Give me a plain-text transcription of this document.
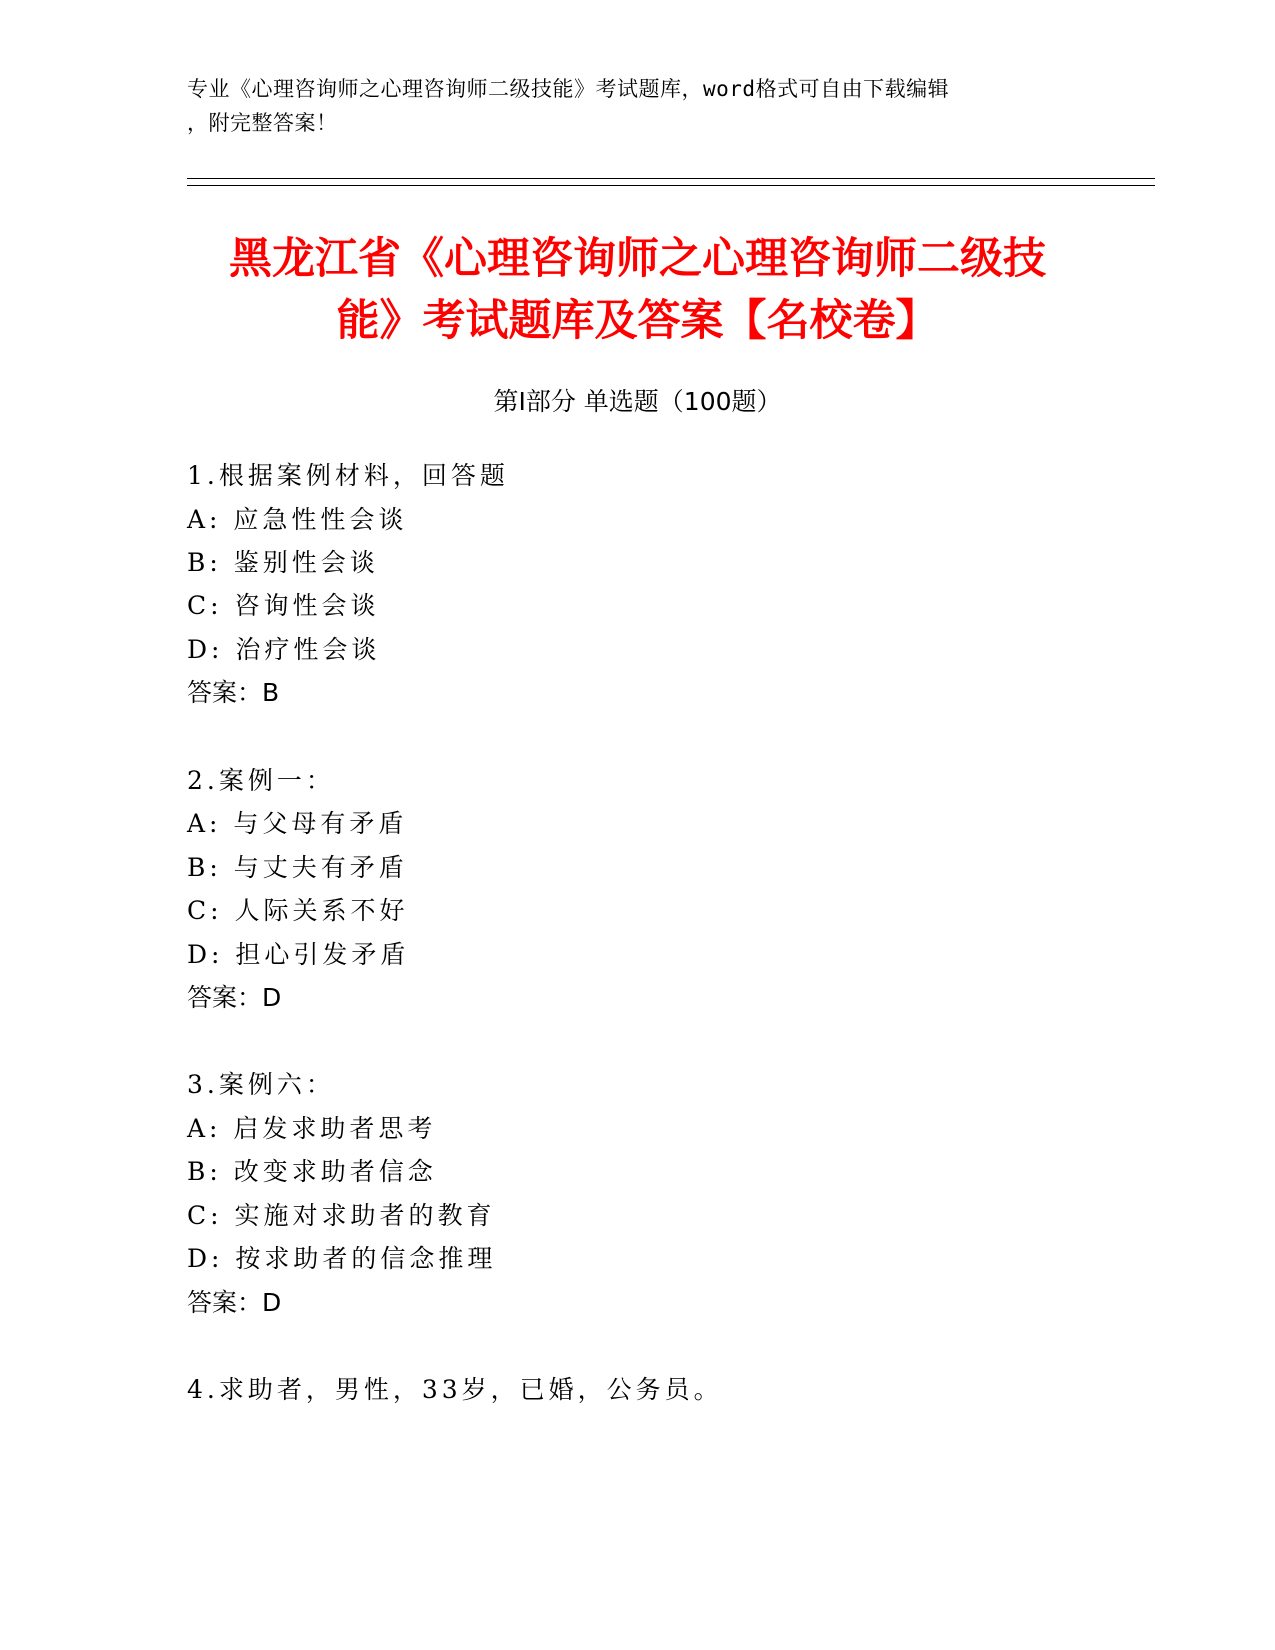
专业《心理咨询师之心理咨询师二级技能》考试题库，word格式可自由下载编辑
，附完整答案！
黑龙江省《心理咨询师之心理咨询师二级技
能》考试题库及答案【名校卷】
第Ⅰ部分 单选题（100题）
1.根据案例材料，回答题
A: 应急性性会谈
B: 鉴别性会谈
C: 咨询性会谈
D: 治疗性会谈
答案：B
2.案例一：
A: 与父母有矛盾
B: 与丈夫有矛盾
C: 人际关系不好
D: 担心引发矛盾
答案：D
3.案例六：
A: 启发求助者思考
B: 改变求助者信念
C: 实施对求助者的教育
D: 按求助者的信念推理
答案：D
4.求助者，男性，33岁，已婚，公务员。
